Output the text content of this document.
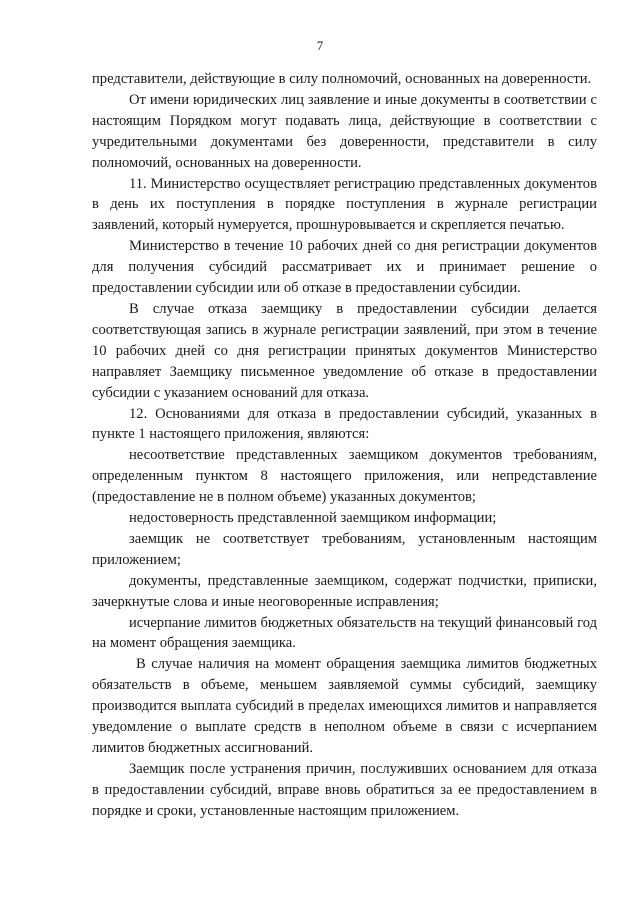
7

представители, действующие в силу полномочий, основанных на доверенности.

От имени юридических лиц заявление и иные документы в соответствии с настоящим Порядком могут подавать лица, действующие в соответствии с учредительными документами без доверенности, представители в силу полномочий, основанных на доверенности.

11. Министерство осуществляет регистрацию представленных документов в день их поступления в порядке поступления в журнале регистрации заявлений, который нумеруется, прошнуровывается и скрепляется печатью.

Министерство в течение 10 рабочих дней со дня регистрации документов для получения субсидий рассматривает их и принимает решение о предоставлении субсидии или об отказе в предоставлении субсидии.

В случае отказа заемщику в предоставлении субсидии делается соответствующая запись в журнале регистрации заявлений, при этом в течение 10 рабочих дней со дня регистрации принятых документов Министерство направляет Заемщику письменное уведомление об отказе в предоставлении субсидии с указанием оснований для отказа.

12. Основаниями для отказа в предоставлении субсидий, указанных в пункте 1 настоящего приложения, являются:

несоответствие представленных заемщиком документов требованиям, определенным пунктом 8 настоящего приложения, или непредставление (предоставление не в полном объеме) указанных документов;

недостоверность представленной заемщиком информации;

заемщик не соответствует требованиям, установленным настоящим приложением;

документы, представленные заемщиком, содержат подчистки, приписки, зачеркнутые слова и иные неоговоренные исправления;

исчерпание лимитов бюджетных обязательств на текущий финансовый год на момент обращения заемщика.

В случае наличия на момент обращения заемщика лимитов бюджетных обязательств в объеме, меньшем заявляемой суммы субсидий, заемщику производится выплата субсидий в пределах имеющихся лимитов и направляется уведомление о выплате средств в неполном объеме в связи с исчерпанием лимитов бюджетных ассигнований.

Заемщик после устранения причин, послуживших основанием для отказа в предоставлении субсидий, вправе вновь обратиться за ее предоставлением в порядке и сроки, установленные настоящим приложением.
